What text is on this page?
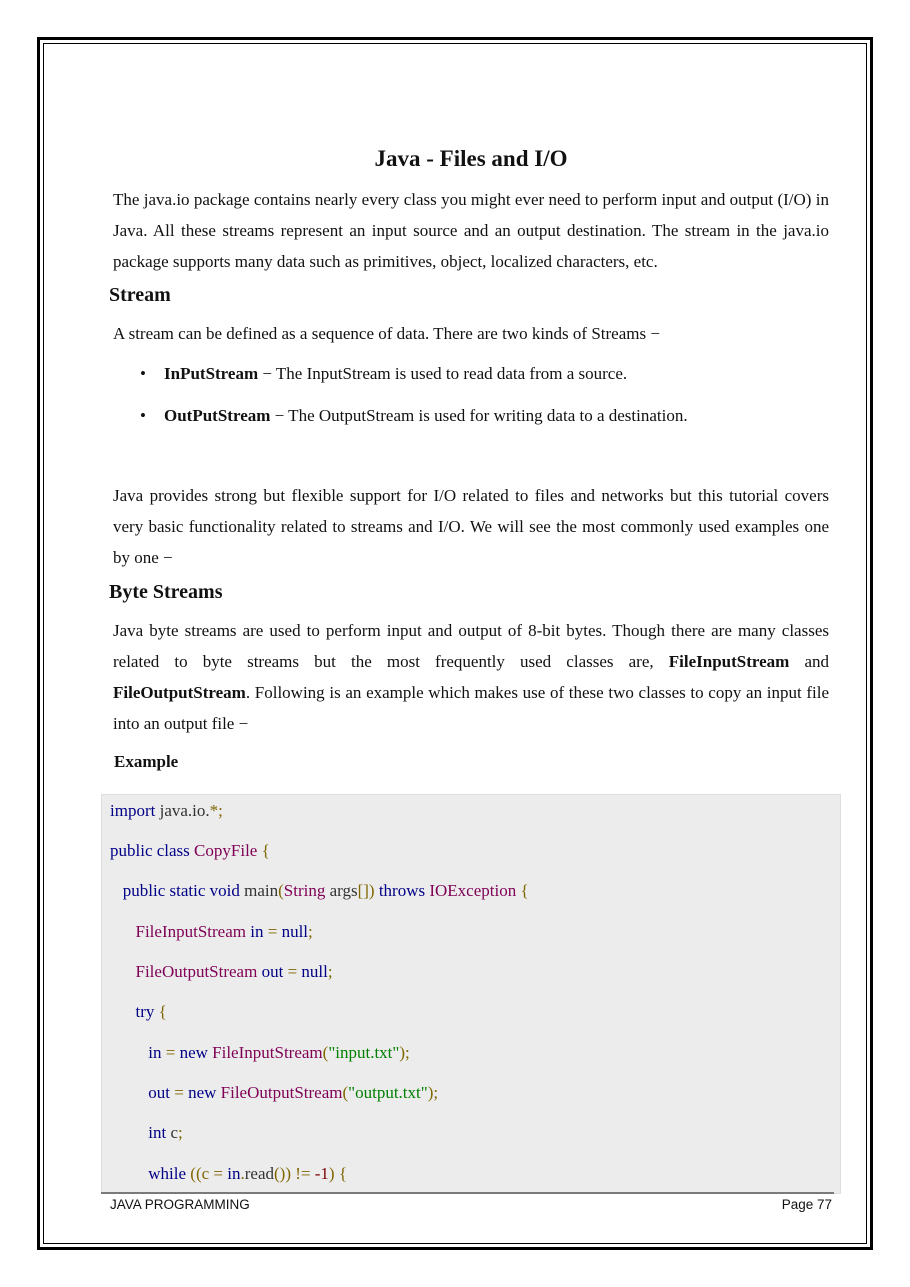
Java - Files and I/O

The java.io package contains nearly every class you might ever need to perform input and output (I/O) in Java. All these streams represent an input source and an output destination. The stream in the java.io package supports many data such as primitives, object, localized characters, etc.

Stream

A stream can be defined as a sequence of data. There are two kinds of Streams −

• InPutStream − The InputStream is used to read data from a source.
• OutPutStream − The OutputStream is used for writing data to a destination.

Java provides strong but flexible support for I/O related to files and networks but this tutorial covers very basic functionality related to streams and I/O. We will see the most commonly used examples one by one −

Byte Streams

Java byte streams are used to perform input and output of 8-bit bytes. Though there are many classes related to byte streams but the most frequently used classes are, FileInputStream and FileOutputStream. Following is an example which makes use of these two classes to copy an input file into an output file −

Example

import java.io.*;
public class CopyFile {
public static void main(String args[]) throws IOException {
FileInputStream in = null;
FileOutputStream out = null;
try {
in = new FileInputStream("input.txt");
out = new FileOutputStream("output.txt");
int c;
while ((c = in.read()) != -1) {
JAVA PROGRAMMING	Page 77
